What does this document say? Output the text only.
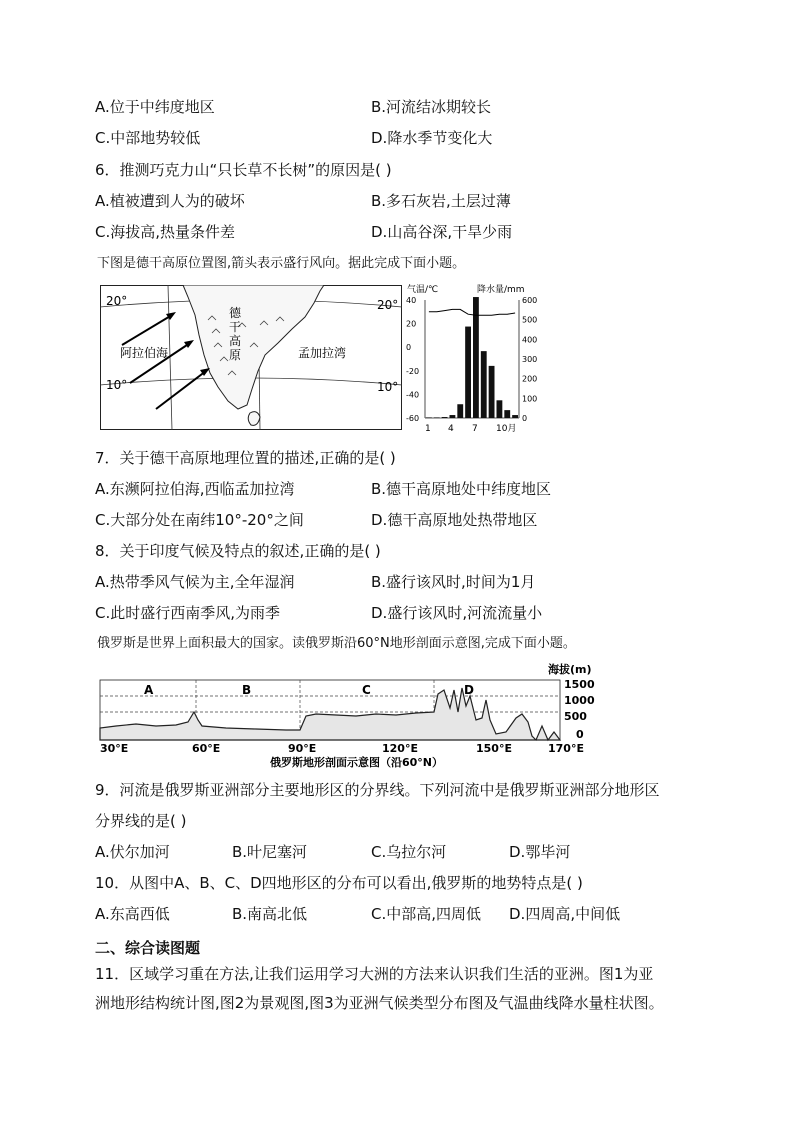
A.位于中纬度地区	B.河流结冰期较长
C.中部地势较低	D.降水季节变化大
6．推测巧克力山“只长草不长树”的原因是( )
A.植被遭到人为的破坏	B.多石灰岩,土层过薄
C.海拔高,热量条件差	D.山高谷深,干旱少雨
下图是德干高原位置图,箭头表示盛行风向。据此完成下面小题。
20°	20°
10°	10°
阿拉伯海	孟加拉湾
德
干
高
原
气温/℃	降水量/mm
40
20
0
-20
-40
-60
600
500
400
300
200
100
0
1 4 7 10月
7．关于德干高原地理位置的描述,正确的是( )
A.东濒阿拉伯海,西临孟加拉湾	B.德干高原地处中纬度地区
C.大部分处在南纬10°-20°之间	D.德干高原地处热带地区
8．关于印度气候及特点的叙述,正确的是( )
A.热带季风气候为主,全年湿润	B.盛行该风时,时间为1月
C.此时盛行西南季风,为雨季	D.盛行该风时,河流流量小
俄罗斯是世界上面积最大的国家。读俄罗斯沿60°N地形剖面示意图,完成下面小题。
海拔(m)
1500
1000
500
0
A	B	C	D
30°E	60°E	90°E	120°E	150°E	170°E
俄罗斯地形剖面示意图（沿60°N）
9．河流是俄罗斯亚洲部分主要地形区的分界线。下列河流中是俄罗斯亚洲部分地形区
分界线的是( )
A.伏尔加河	B.叶尼塞河	C.乌拉尔河	D.鄂毕河
10．从图中A、B、C、D四地形区的分布可以看出,俄罗斯的地势特点是( )
A.东高西低	B.南高北低	C.中部高,四周低 D.四周高,中间低
二、综合读图题
11．区域学习重在方法,让我们运用学习大洲的方法来认识我们生活的亚洲。图1为亚
洲地形结构统计图,图2为景观图,图3为亚洲气候类型分布图及气温曲线降水量柱状图。
